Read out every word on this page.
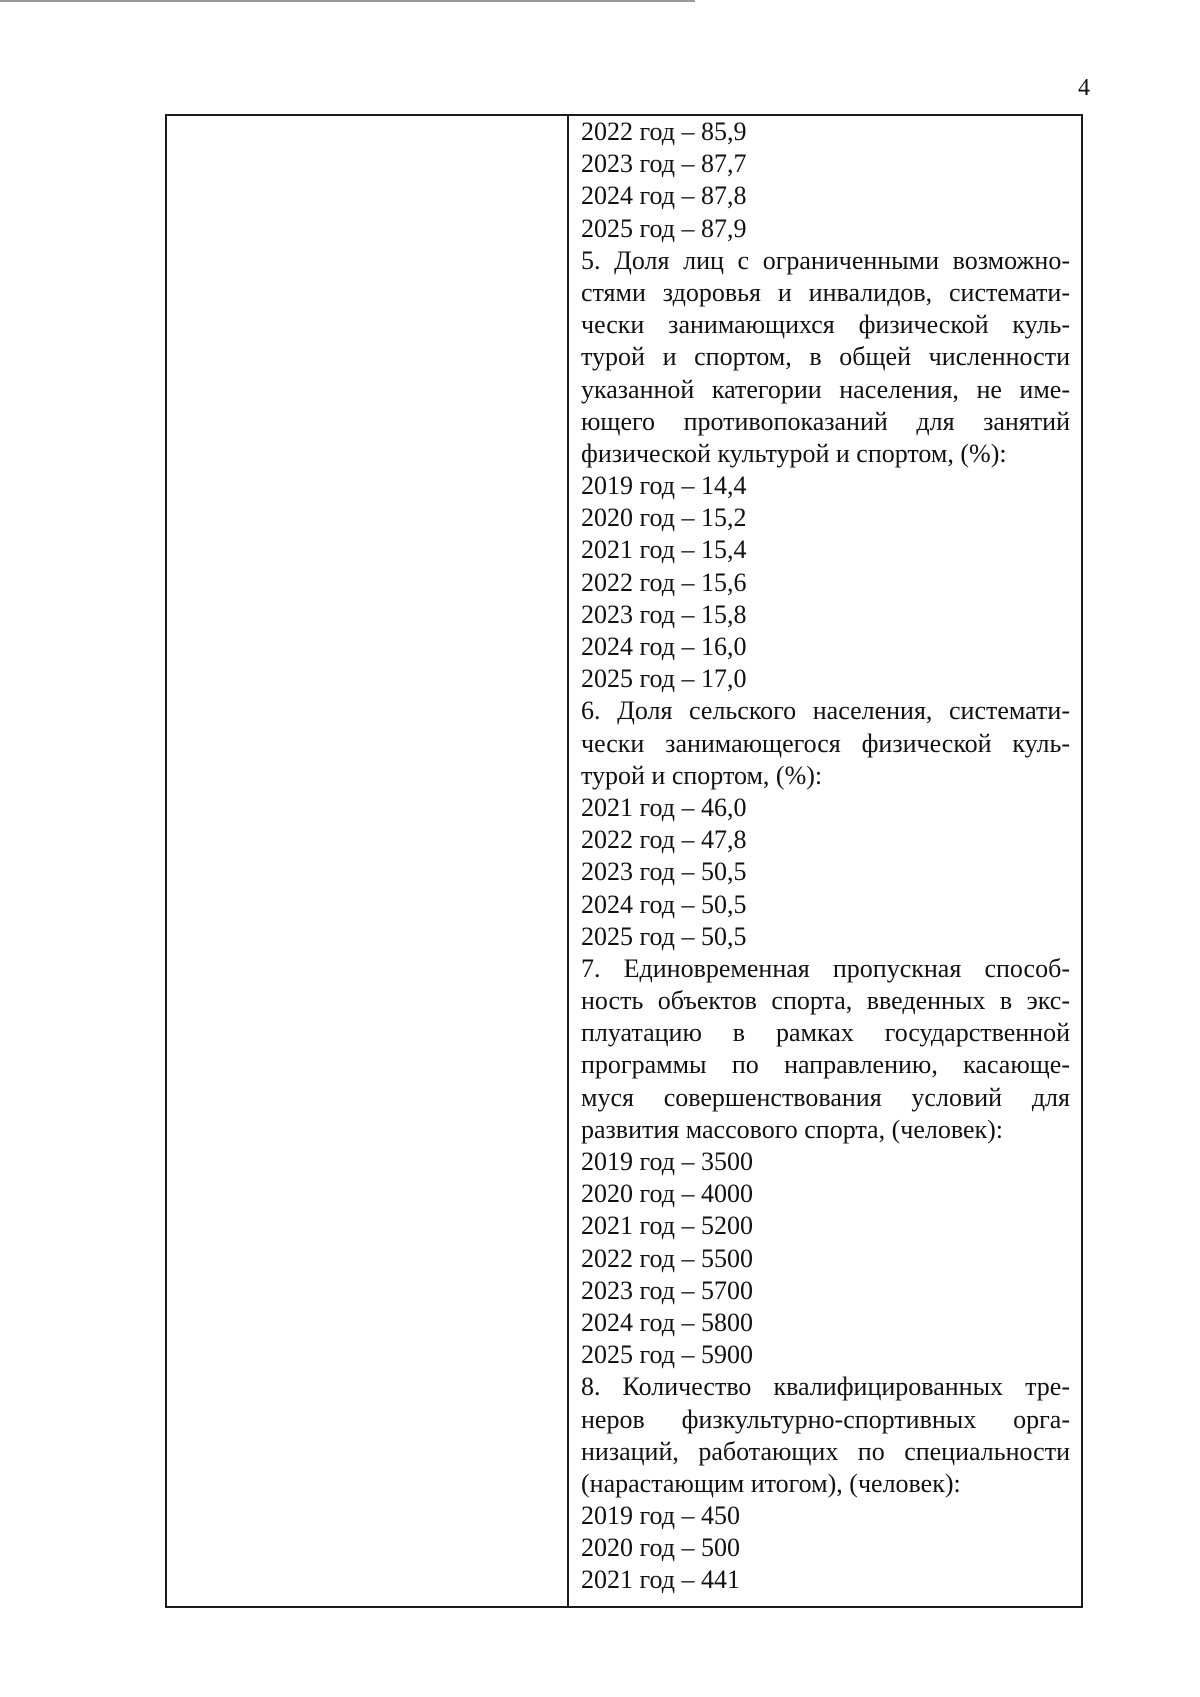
4
2022 год – 85,9
2023 год – 87,7
2024 год – 87,8
2025 год – 87,9
5. Доля лиц с ограниченными возможно-
стями здоровья и инвалидов, системати-
чески занимающихся физической куль-
турой и спортом, в общей численности
указанной категории населения, не име-
ющего противопоказаний для занятий
физической культурой и спортом, (%):
2019 год – 14,4
2020 год – 15,2
2021 год – 15,4
2022 год – 15,6
2023 год – 15,8
2024 год – 16,0
2025 год – 17,0
6. Доля сельского населения, системати-
чески занимающегося физической куль-
турой и спортом, (%):
2021 год – 46,0
2022 год – 47,8
2023 год – 50,5
2024 год – 50,5
2025 год – 50,5
7. Единовременная пропускная способ-
ность объектов спорта, введенных в экс-
плуатацию в рамках государственной
программы по направлению, касающе-
муся совершенствования условий для
развития массового спорта, (человек):
2019 год – 3500
2020 год – 4000
2021 год – 5200
2022 год – 5500
2023 год – 5700
2024 год – 5800
2025 год – 5900
8. Количество квалифицированных тре-
неров физкультурно-спортивных орга-
низаций, работающих по специальности
(нарастающим итогом), (человек):
2019 год – 450
2020 год – 500
2021 год – 441
